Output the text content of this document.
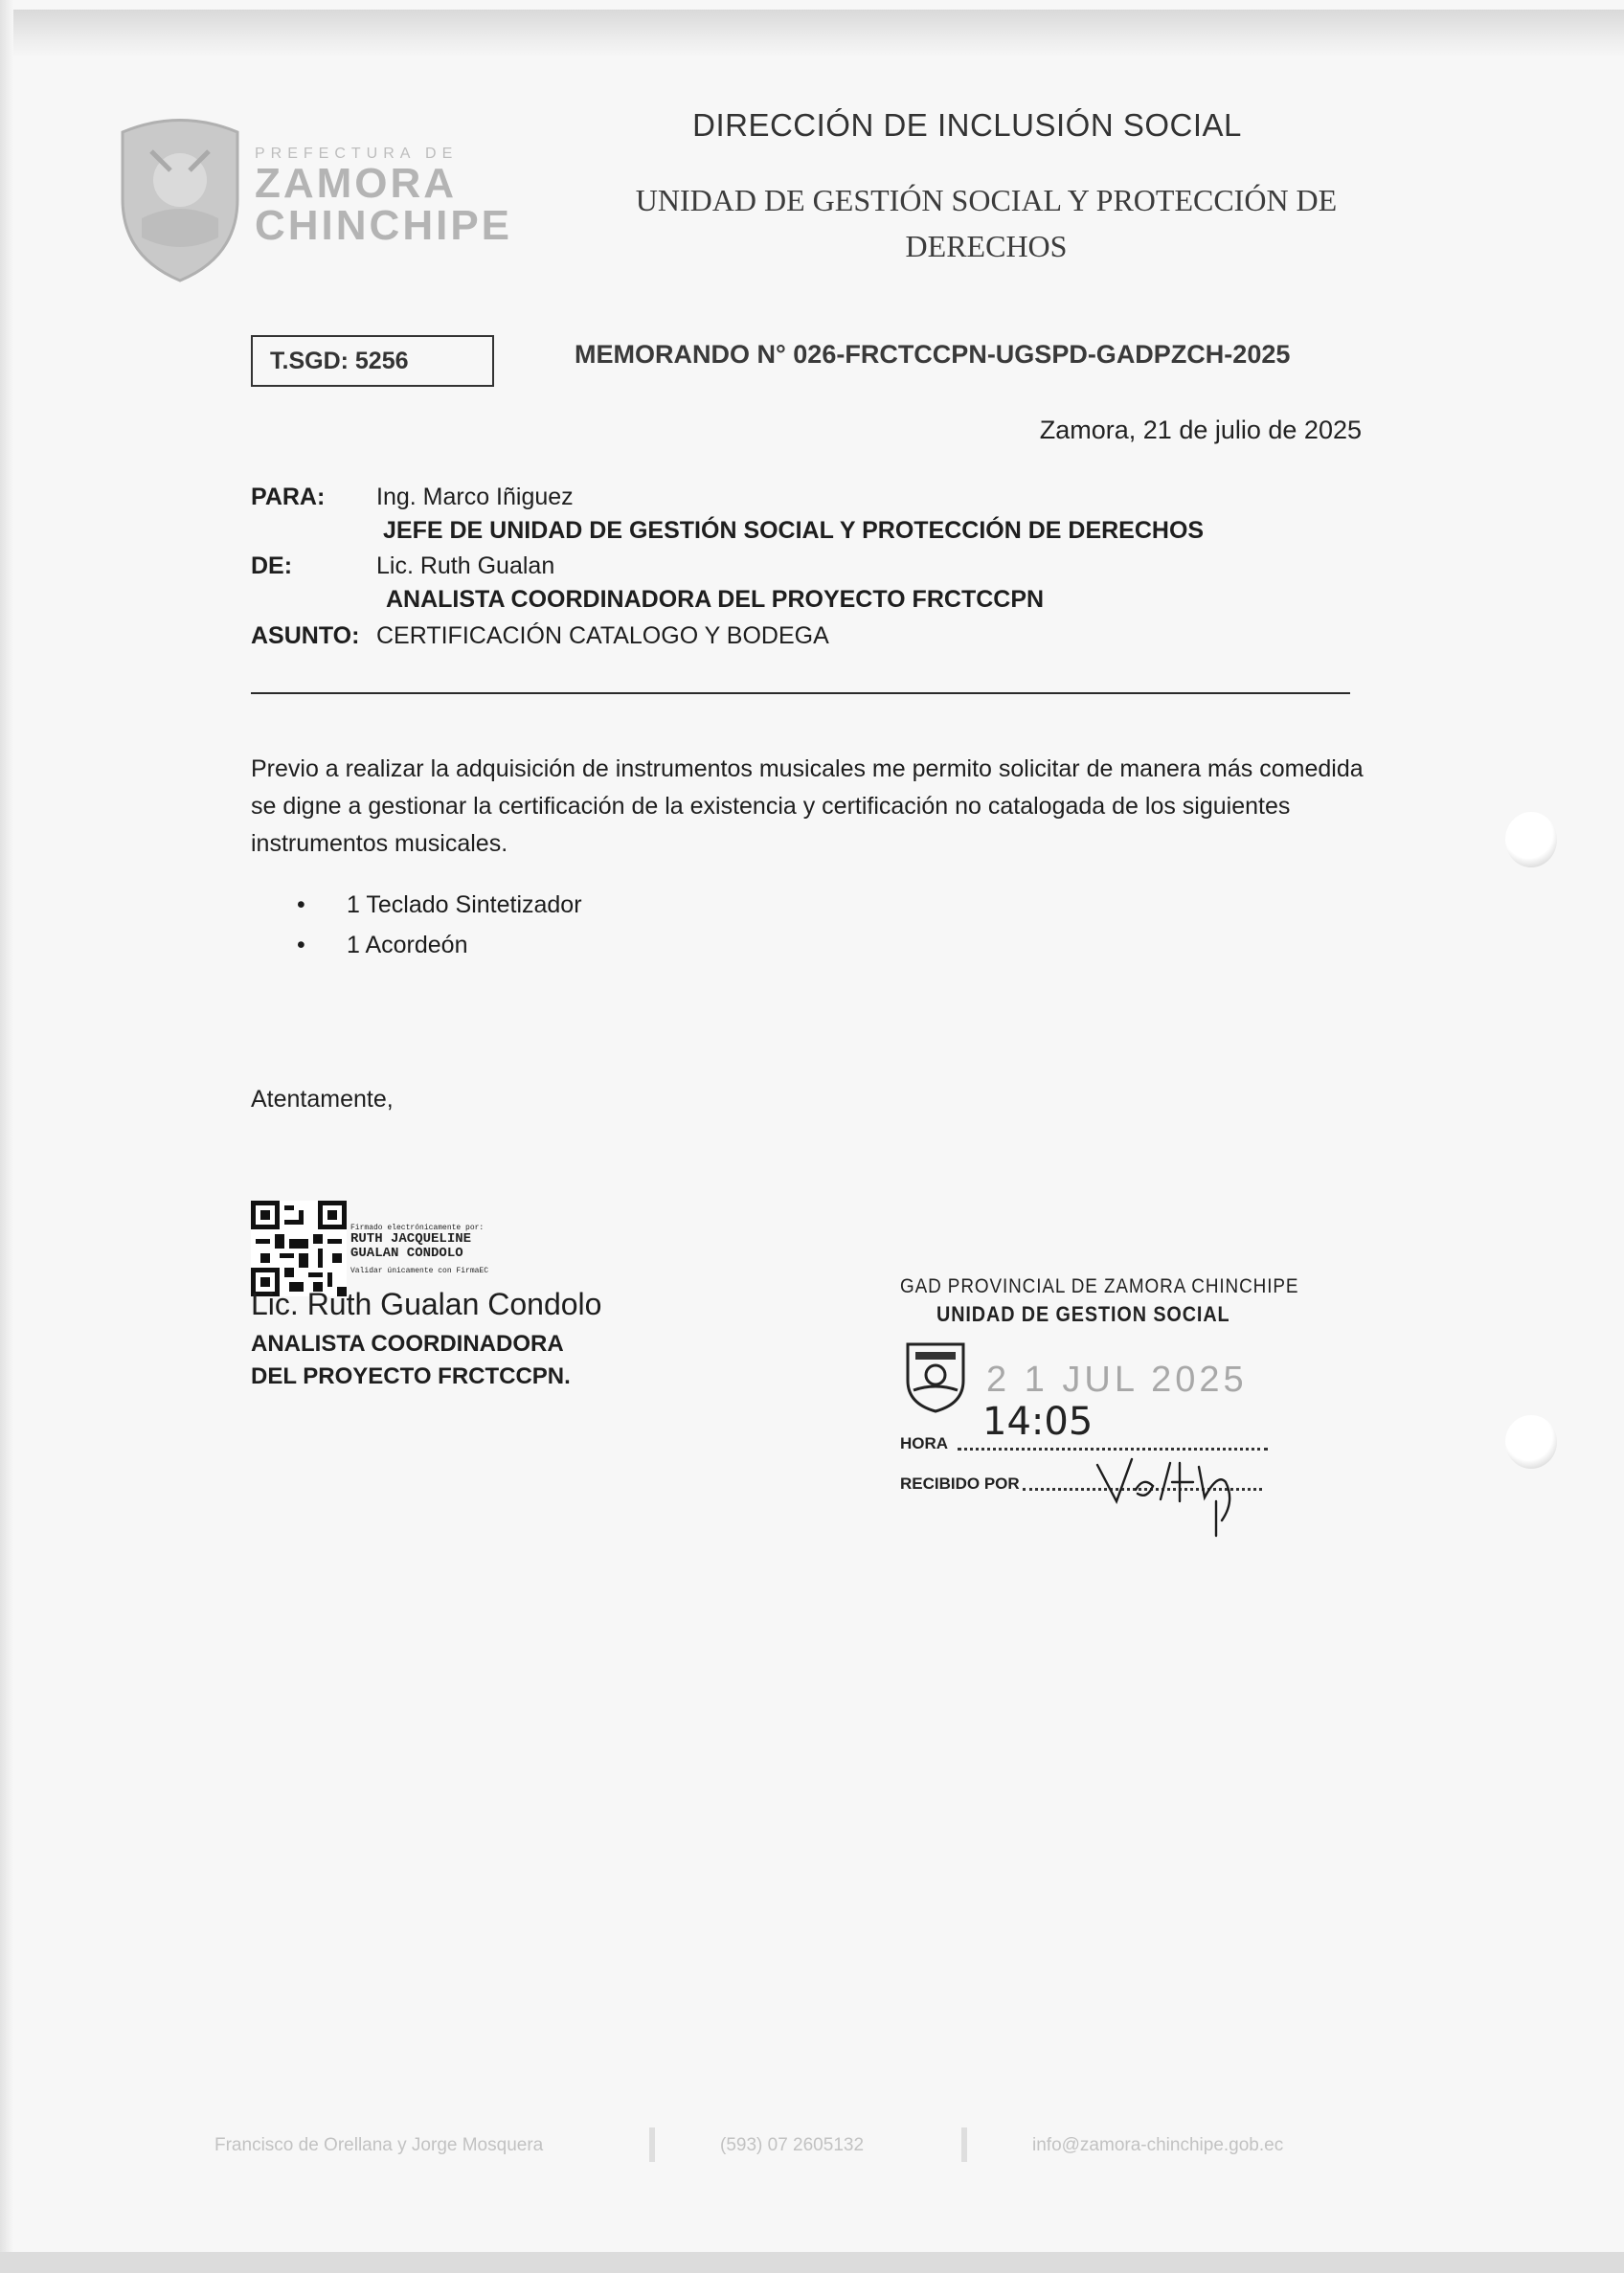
PREFECTURA DE
ZAMORA
CHINCHIPE
DIRECCIÓN DE INCLUSIÓN SOCIAL
UNIDAD DE GESTIÓN SOCIAL Y PROTECCIÓN DE
DERECHOS
T.SGD: 5256	MEMORANDO N° 026-FRCTCCPN-UGSPD-GADPZCH-2025
Zamora, 21 de julio de 2025
PARA: Ing. Marco Iñiguez
JEFE DE UNIDAD DE GESTIÓN SOCIAL Y PROTECCIÓN DE DERECHOS
DE:	Lic. Ruth Gualan
ANALISTA COORDINADORA DEL PROYECTO FRCTCCPN
ASUNTO: CERTIFICACIÓN CATALOGO Y BODEGA
Previo a realizar la adquisición de instrumentos musicales me permito solicitar de manera más comedida se digne a gestionar la certificación de la existencia y certificación no catalogada de los siguientes instrumentos musicales.
• 1 Teclado Sintetizador
• 1 Acordeón
Atentamente,
Firmado electrónicamente por:
RUTH JACQUELINE
GUALAN CONDOLO
Validar únicamente con FirmaEC
Lic. Ruth Gualan Condolo
ANALISTA COORDINADORA
DEL PROYECTO FRCTCCPN.
GAD PROVINCIAL DE ZAMORA CHINCHIPE
UNIDAD DE GESTION SOCIAL
2 1 JUL 2025
HORA 14:05
RECIBIDO POR
Francisco de Orellana y Jorge Mosquera	(593) 07 2605132	info@zamora-chinchipe.gob.ec
